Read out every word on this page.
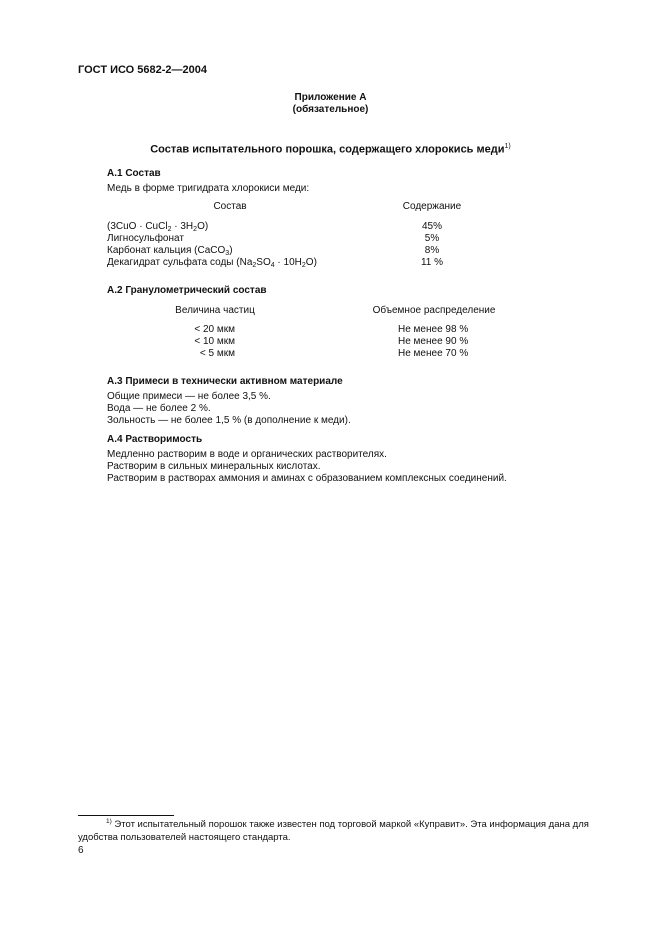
ГОСТ ИСО 5682-2—2004
Приложение А
(обязательное)
Состав испытательного порошка, содержащего хлорокись меди$^{1)}$
А.1 Состав
Медь в форме тригидрата хлорокиси меди:
Состав	Содержание
(3CuO · CuCl$_2$ · $3H_2O$)	45%
Лигносульфонат	5%
Карбонат кальция (CaCO$_3$)	8%
Декагидрат сульфата соды $(Na_2SO_4 \cdot 10H_2O)$	11 %
А.2 Гранулометрический состав
Величина частиц	Объемное распределение
< 20 мкм	Не менее 98 %
< 10 мкм	Не менее 90 %
< 5 мкм	Не менее 70 %
А.3 Примеси в технически активном материале
Общие примеси — не более 3,5 %.
Вода — не более 2 %.
Зольность — не более 1,5 % (в дополнение к меди).
А.4 Растворимость
Медленно растворим в воде и органических растворителях.
Растворим в сильных минеральных кислотах.
Растворим в растворах аммония и аминах с образованием комплексных соединений.
$^{1)}$ Этот испытательный порошок также известен под торговой маркой «Куправит». Эта информация дана для удобства пользователей настоящего стандарта.
6
